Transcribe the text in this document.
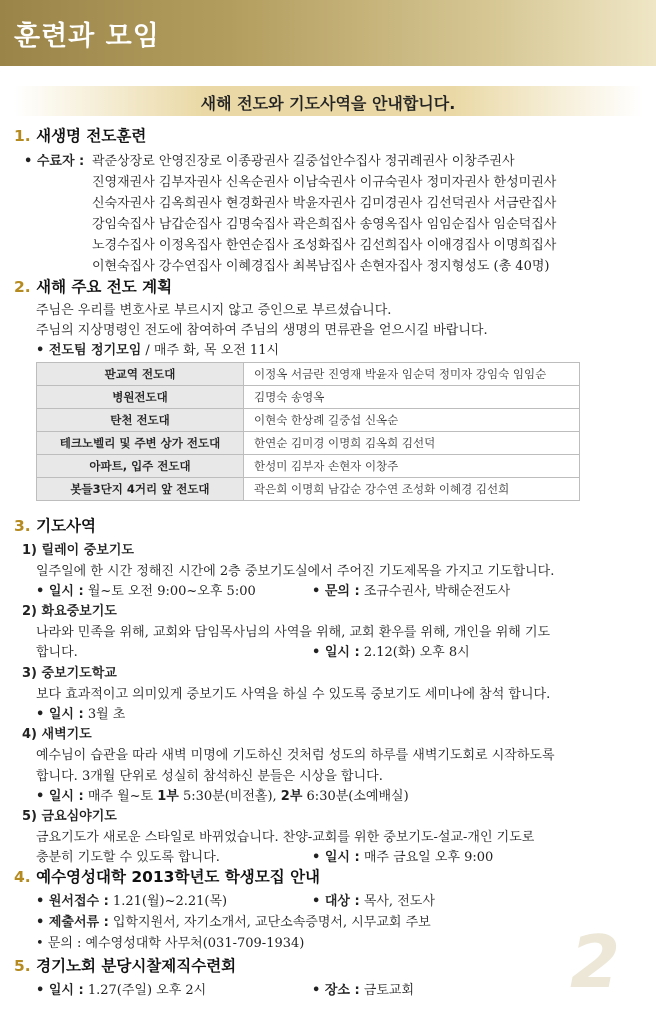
훈련과 모임
새해 전도와 기도사역을 안내합니다.
1. 새생명 전도훈련
• 수료자 : 곽준상장로 안영진장로 이종광권사 길중섭안수집사 정귀례권사 이창주권사
진영재권사 김부자권사 신옥순권사 이남숙권사 이규숙권사 정미자권사 한성미권사
신숙자권사 김옥희권사 현경화권사 박윤자권사 김미경권사 김선덕권사 서금란집사
강임숙집사 남갑순집사 김명숙집사 곽은희집사 송영옥집사 임임순집사 임순덕집사
노경수집사 이정옥집사 한연순집사 조성화집사 김선희집사 이애경집사 이명희집사
이현숙집사 강수연집사 이혜경집사 최복남집사 손현자집사 정지형성도 (총 40명)
2. 새해 주요 전도 계획
주님은 우리를 변호사로 부르시지 않고 증인으로 부르셨습니다.
주님의 지상명령인 전도에 참여하여 주님의 생명의 면류관을 얻으시길 바랍니다.
• 전도팀 정기모임 / 매주 화, 목 오전 11시
판교역 전도대	이정옥 서금란 진영재 박윤자 임순덕 정미자 강임숙 임임순
병원전도대	김명숙 송영옥
탄천 전도대	이현숙 한상례 길중섭 신옥순
테크노벨리 및 주변 상가 전도대	한연순 김미경 이명희 김옥희 김선덕
아파트, 입주 전도대	한성미 김부자 손현자 이창주
봇들3단지 4거리 앞 전도대	곽은희 이명희 남갑순 강수연 조성화 이혜경 김선희
3. 기도사역
1) 릴레이 중보기도
일주일에 한 시간 정해진 시간에 2층 중보기도실에서 주어진 기도제목을 가지고 기도합니다.
• 일시 : 월~토 오전 9:00~오후 5:00	• 문의 : 조규수권사, 박해순전도사
2) 화요중보기도
나라와 민족을 위해, 교회와 담임목사님의 사역을 위해, 교회 환우를 위해, 개인을 위해 기도
합니다.	• 일시 : 2.12(화) 오후 8시
3) 중보기도학교
보다 효과적이고 의미있게 중보기도 사역을 하실 수 있도록 중보기도 세미나에 참석 합니다.
• 일시 : 3월 초
4) 새벽기도
예수님이 습관을 따라 새벽 미명에 기도하신 것처럼 성도의 하루를 새벽기도회로 시작하도록
합니다. 3개월 단위로 성실히 참석하신 분들은 시상을 합니다.
• 일시 : 매주 월~토 1부 5:30분(비전홀), 2부 6:30분(소예배실)
5) 금요심야기도
금요기도가 새로운 스타일로 바뀌었습니다. 찬양-교회를 위한 중보기도-설교-개인 기도로
충분히 기도할 수 있도록 합니다.	• 일시 : 매주 금요일 오후 9:00
4. 예수영성대학 2013학년도 학생모집 안내
• 원서접수 : 1.21(월)~2.21(목)	• 대상 : 목사, 전도사
• 제출서류 : 입학지원서, 자기소개서, 교단소속증명서, 시무교회 주보
• 문의 : 예수영성대학 사무처(031-709-1934)
5. 경기노회 분당시찰제직수련회
• 일시 : 1.27(주일) 오후 2시	• 장소 : 금토교회 2
